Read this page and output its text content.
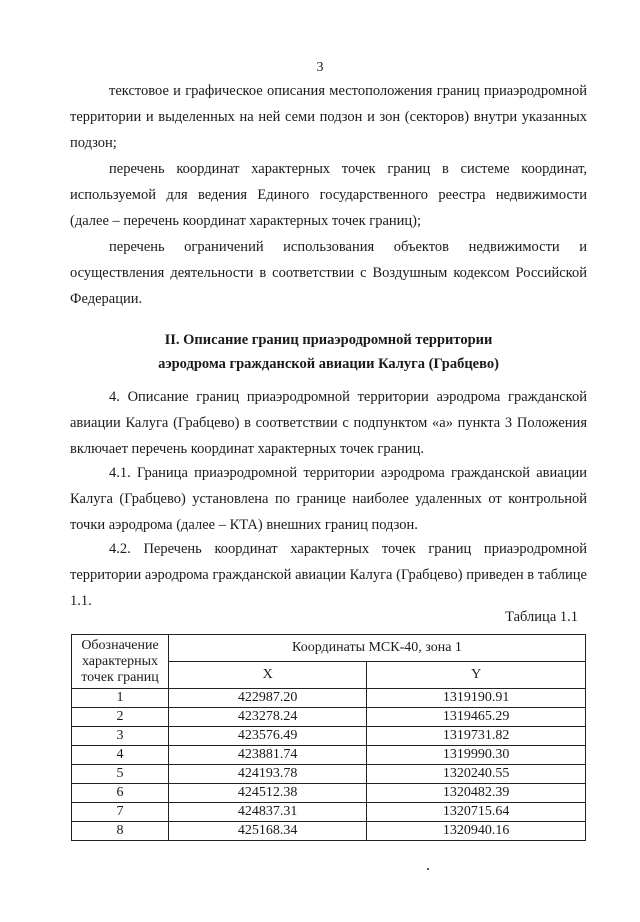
3

текстовое и графическое описания местоположения границ приаэродромной территории и выделенных на ней семи подзон и зон (секторов) внутри указанных подзон;

перечень координат характерных точек границ в системе координат, используемой для ведения Единого государственного реестра недвижимости (далее – перечень координат характерных точек границ);

перечень ограничений использования объектов недвижимости и осуществления деятельности в соответствии с Воздушным кодексом Российской Федерации.

II. Описание границ приаэродромной территории
аэродрома гражданской авиации Калуга (Грабцево)

4. Описание границ приаэродромной территории аэродрома гражданской авиации Калуга (Грабцево) в соответствии с подпунктом «а» пункта 3 Положения включает перечень координат характерных точек границ.

4.1. Граница приаэродромной территории аэродрома гражданской авиации Калуга (Грабцево) установлена по границе наиболее удаленных от контрольной точки аэродрома (далее – КТА) внешних границ подзон.

4.2. Перечень координат характерных точек границ приаэродромной территории аэродрома гражданской авиации Калуга (Грабцево) приведен в таблице 1.1.

Таблица 1.1
Обозначение характерных точек границ	Координаты МСК-40, зона 1	
	X	Y
1	422987.20	1319190.91
2	423278.24	1319465.29
3	423576.49	1319731.82
4	423881.74	1319990.30
5	424193.78	1320240.55
6	424512.38	1320482.39
7	424837.31	1320715.64
8	425168.34	1320940.16
